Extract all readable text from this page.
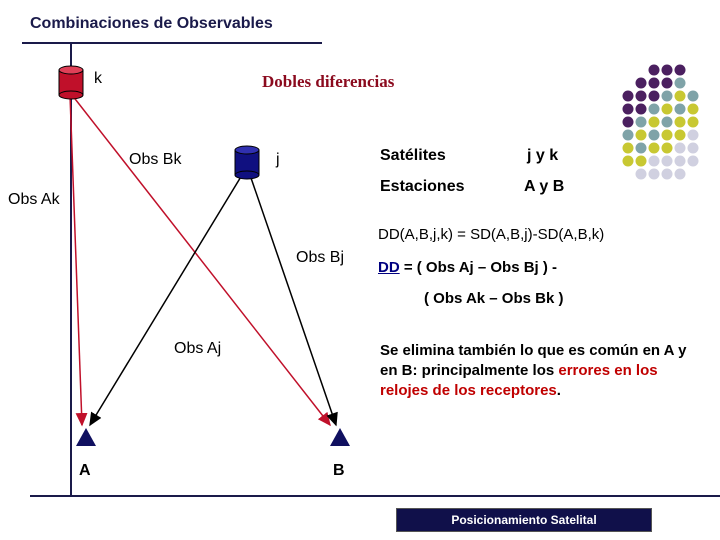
Combinaciones de Observables
k	Dobles diferencias
Obs Bk	j
Obs Ak
Obs Bj
Obs Aj
A	B
Satélites	j y k
Estaciones	A y B
DD(A,B,j,k) = SD(A,B,j)-SD(A,B,k)
DD = ( Obs Aj – Obs Bj ) -
( Obs Ak – Obs Bk )
Se elimina también lo que es común en A y en B: principalmente los errores en los relojes de los receptores.
Posicionamiento Satelital
